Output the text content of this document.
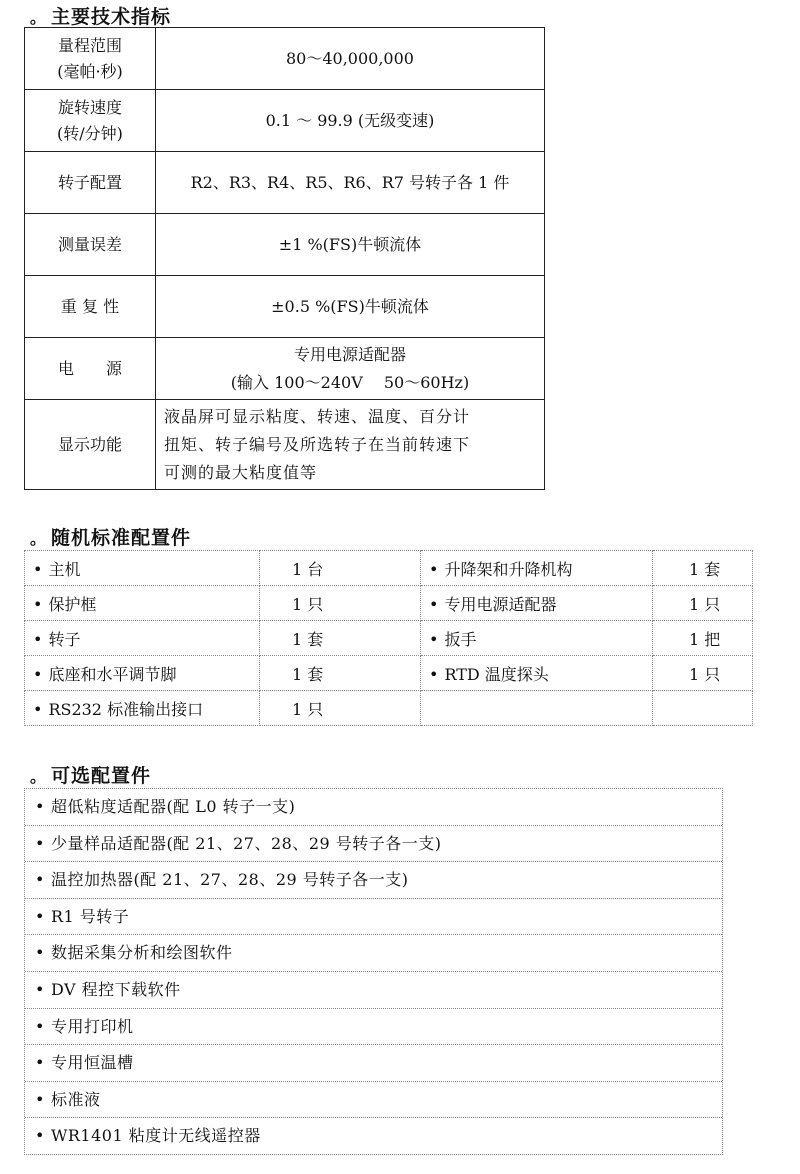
。 主要技术指标
量程范围
(毫帕·秒)	80～40,000,000

旋转速度
(转/分钟)	0.1 ～ 99.9 (无级变速)

转子配置	R2、R3、R4、R5、R6、R7 号转子各 1 件

测量误差	±1 %(FS)牛顿流体

重 复 性	±0.5 %(FS)牛顿流体

电　　源	专用电源适配器
(输入 100～240V　 50～60Hz)

显示功能	液晶屏可显示粘度、转速、温度、百分计
扭矩、转子编号及所选转子在当前转速下
可测的最大粘度值等
。 随机标准配置件
• 主机	1 台	• 升降架和升降机构	1 套
• 保护框	1 只	• 专用电源适配器	1 只
• 转子	1 套	• 扳手	1 把
• 底座和水平调节脚	1 套	• RTD 温度探头	1 只
• RS232 标准输出接口	1 只		
。 可选配置件
• 超低粘度适配器(配 L0 转子一支)
• 少量样品适配器(配 21、27、28、29 号转子各一支)
• 温控加热器(配 21、27、28、29 号转子各一支)
• R1 号转子
• 数据采集分析和绘图软件
• DV 程控下载软件
• 专用打印机
• 专用恒温槽
• 标准液
• WR1401 粘度计无线遥控器
